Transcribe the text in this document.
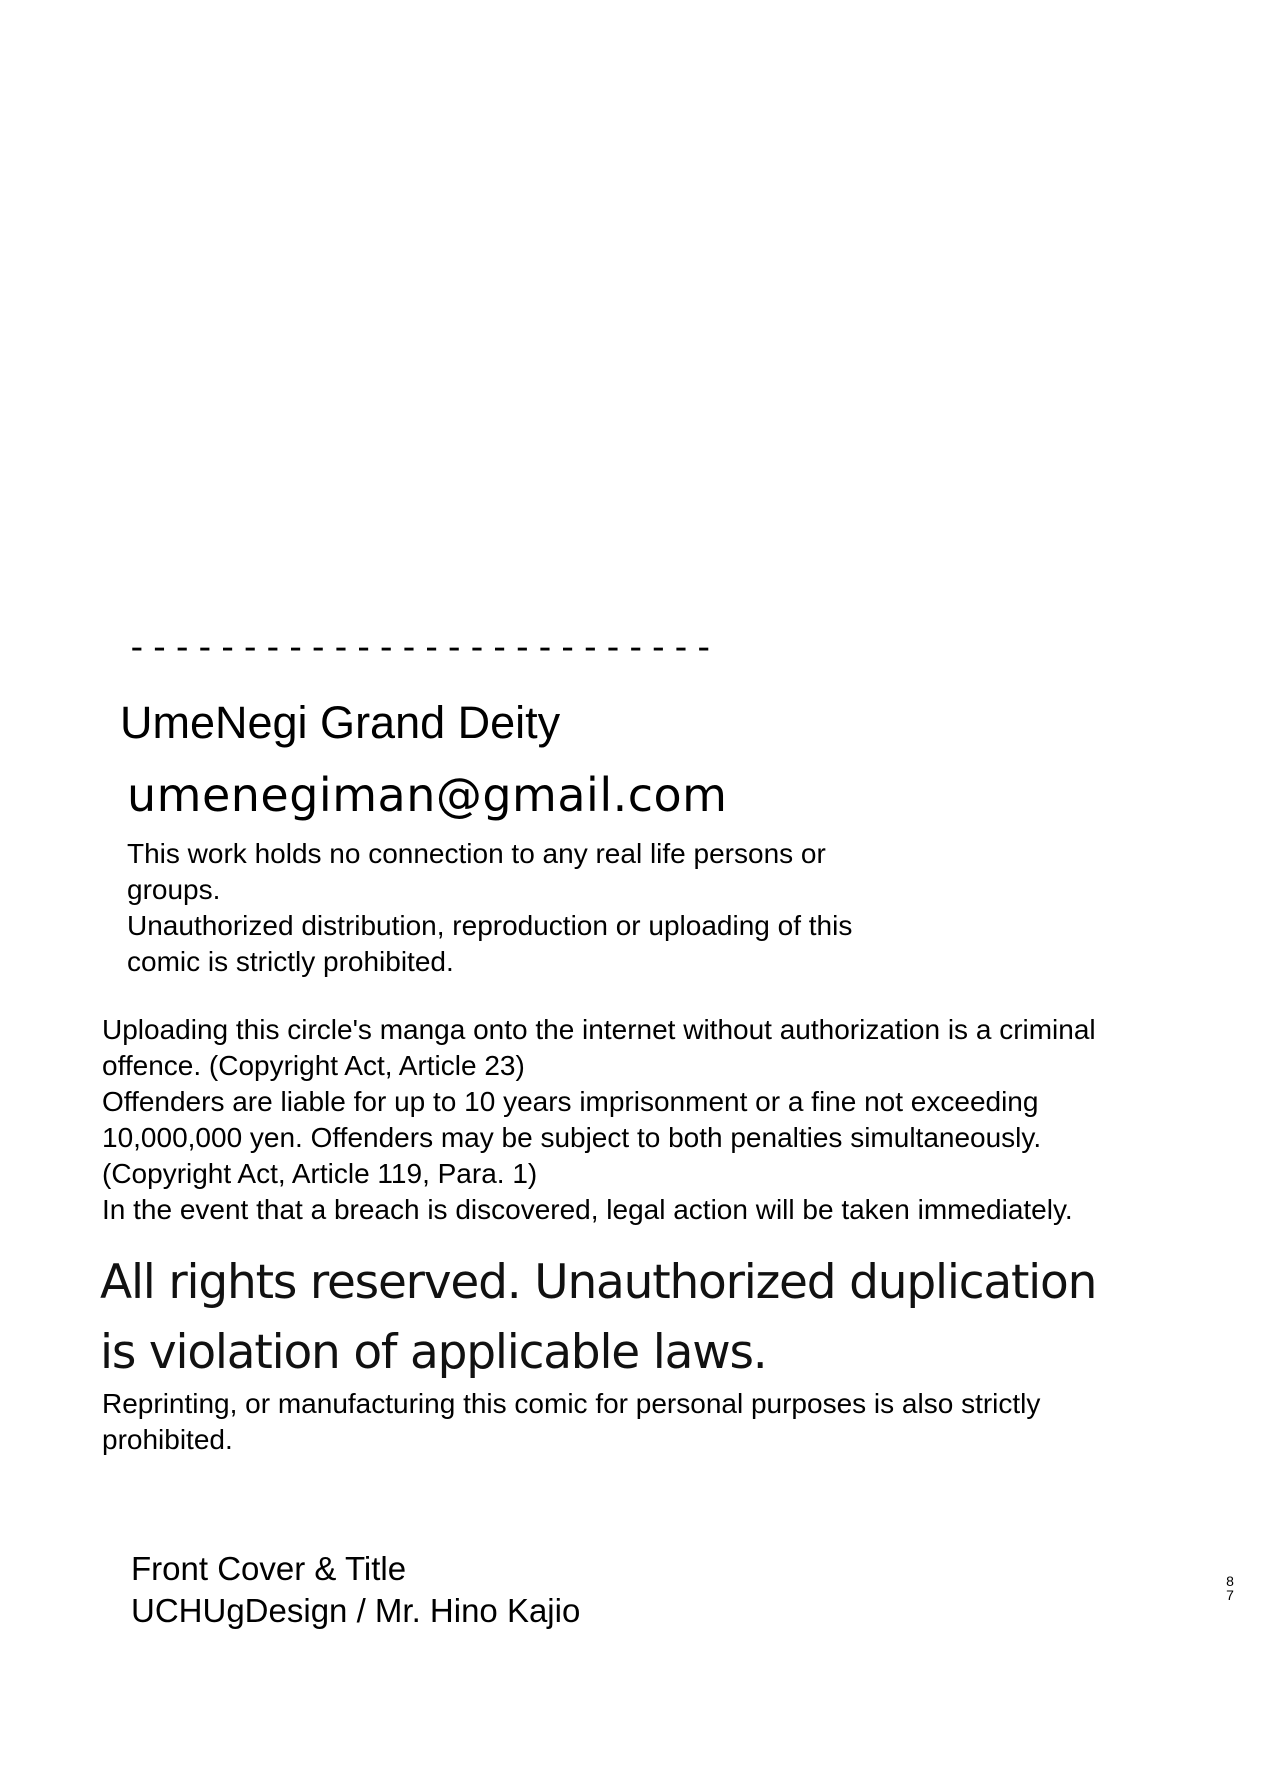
--------------------------
UmeNegi Grand Deity
umenegiman@gmail.com
This work holds no connection to any real life persons or
groups.
Unauthorized distribution, reproduction or uploading of this
comic is strictly prohibited.
Uploading this circle's manga onto the internet without authorization is a criminal
offence. (Copyright Act, Article 23)
Offenders are liable for up to 10 years imprisonment or a fine not exceeding
10,000,000 yen. Offenders may be subject to both penalties simultaneously.
(Copyright Act, Article 119, Para. 1)
In the event that a breach is discovered, legal action will be taken immediately.
All rights reserved. Unauthorized duplication
is violation of applicable laws.
Reprinting, or manufacturing this comic for personal purposes is also strictly
prohibited.
Front Cover & Title
UCHUgDesign / Mr. Hino Kajio
8
7
